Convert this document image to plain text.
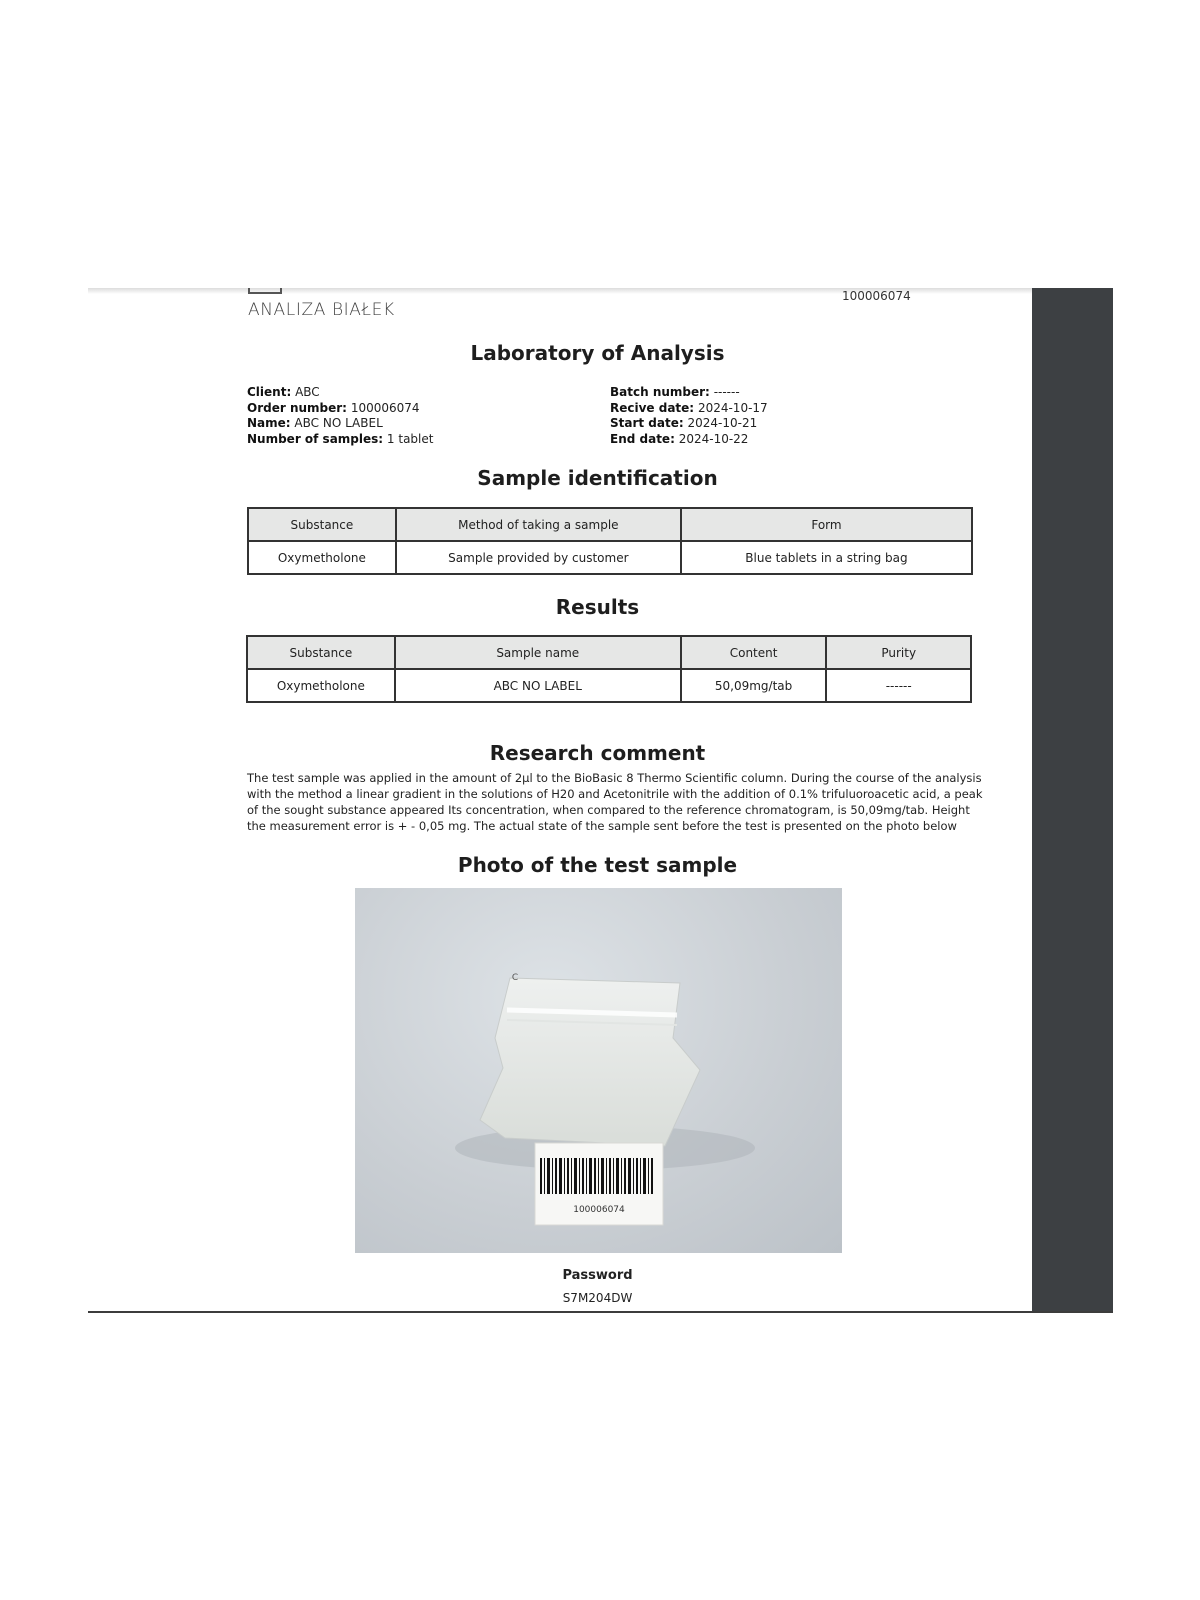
ANALIZA BIAŁEK
100006074
Laboratory of Analysis
Client: ABC
Order number: 100006074
Name: ABC NO LABEL
Number of samples: 1 tablet
Batch number: ------
Recive date: 2024-10-17
Start date: 2024-10-21
End date: 2024-10-22
Sample identification
Substance	Method of taking a sample	Form
Oxymetholone	Sample provided by customer	Blue tablets in a string bag
Results
Substance	Sample name	Content	Purity
Oxymetholone	ABC NO LABEL	50,09mg/tab	------
Research comment

The test sample was applied in the amount of 2µl to the BioBasic 8 Thermo Scientific column. During the course of the analysis with the method a linear gradient in the solutions of H20 and Acetonitrile with the addition of 0.1% trifuluoroacetic acid, a peak of the sought substance appeared Its concentration, when compared to the reference chromatogram, is 50,09mg/tab. Height the measurement error is + - 0,05 mg. The actual state of the sample sent before the test is presented on the photo below

Photo of the test sample
100006074
C
Password
S7M204DW
